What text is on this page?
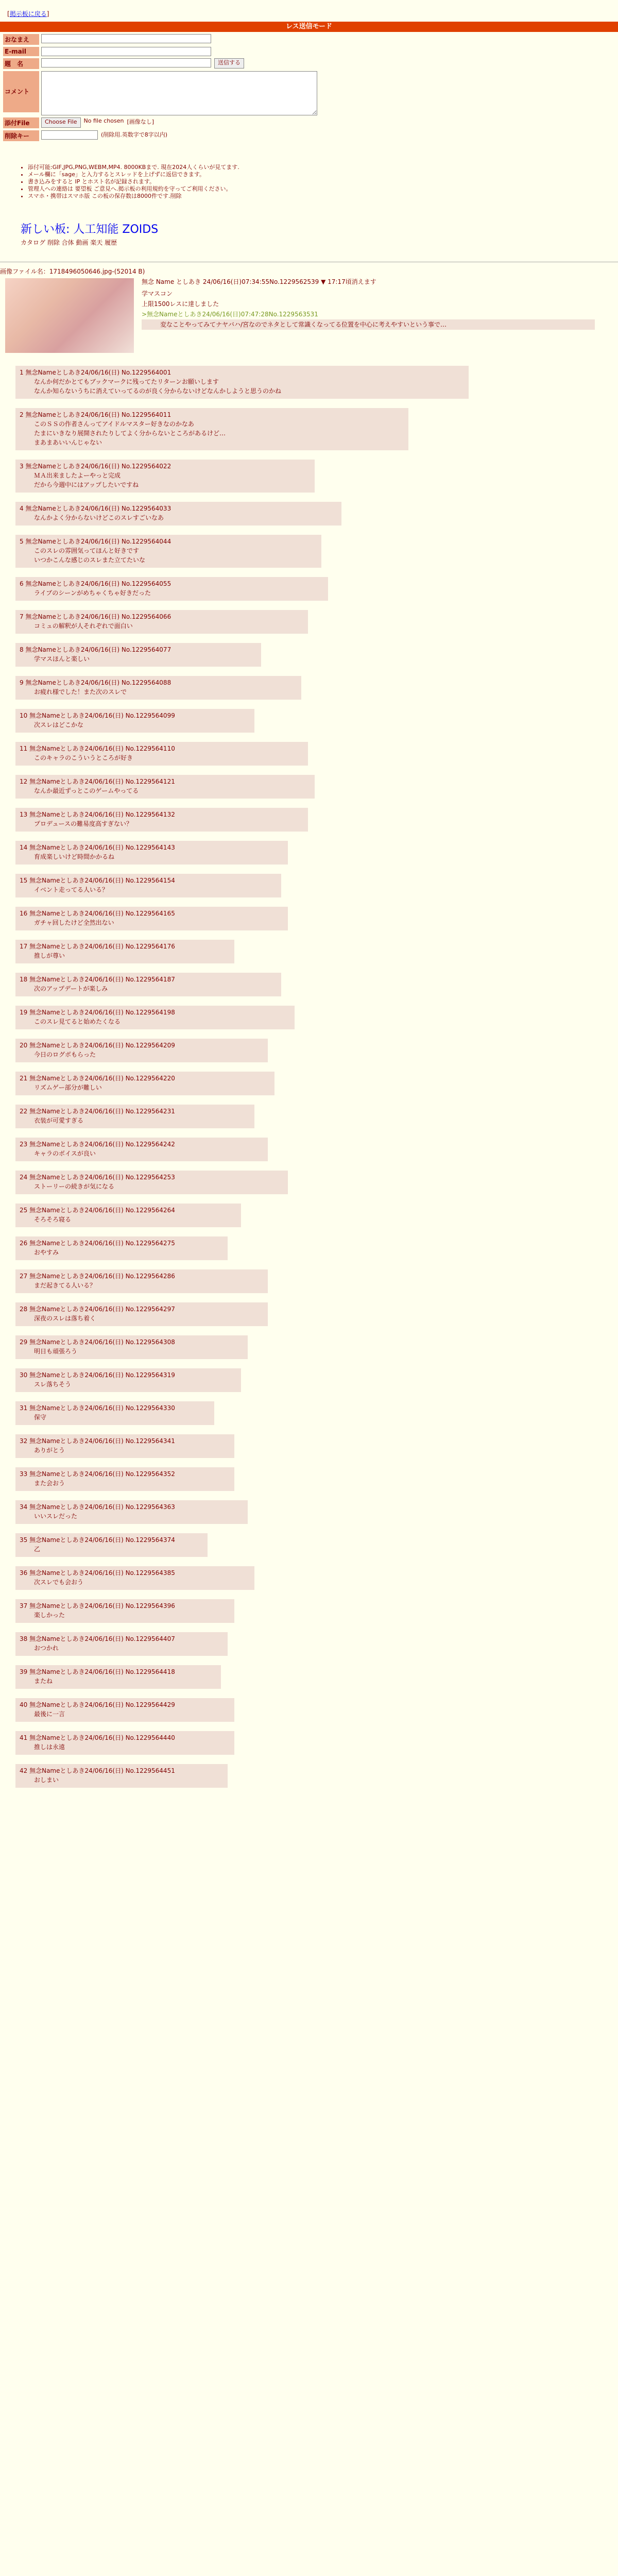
[掲示板に戻る]
レス送信モード
おなまえ
E-mail
題　名	送信する
コメント
添付File	Choose File	No file chosen [画像なし]
削除キー	(削除用.英数字で8字以内)
• 添付可能:GIF,JPG,PNG,WEBM,MP4. 8000KBまで. 現在2024人くらいが見てます.
• メール欄に「sage」と入力するとスレッドを上げずに返信できます。
• 書き込みをすると IP とホスト名が記録されます。
• 管理人への連絡は 要望板 ご意見へ.掲示板の利用規約を守ってご利用ください。
• スマホ・携帯はスマホ版 この板の保存数は8000件です.削除
新しい板: 人工知能 ZOIDS
カタログ 削除 合体 動画 楽天 履歴
画像ファイル名：1718496050646.jpg-(52014 B)
無念 Name としあき 24/06/16(日)07:34:55No.1229562539 ▼ 17:17頃消えます
学マスコン
上限1500レスに達しました
>無念Nameとしあき24/06/16(日)07:47:28No.1229563531
　　　変なことやってみてナヤバハ/宮なのでネタとして常識くなってる位置を中心に考えやすいという事で…
1 無念Nameとしあき24/06/16(日) No.1229564001
なんか何だかとてもブックマークに残ってたリターンお願いします
なんか知らないうちに消えていってるのが良く分からないけどなんかしようと思うのかね
2 無念Nameとしあき24/06/16(日) No.1229564011
このＳＳの作者さんってアイドルマスター好きなのかなあ
たまにいきなり展開されたりしてよく分からないところがあるけど…
まあまあいいんじゃない
3 無念Nameとしあき24/06/16(日) No.1229564022
ＭＡ出来ましたよーやっと完成
だから今週中にはアップしたいですね
4 無念Nameとしあき24/06/16(日) No.1229564033
なんかよく分からないけどこのスレすごいなあ
5 無念Nameとしあき24/06/16(日) No.1229564044
このスレの雰囲気ってほんと好きです
いつかこんな感じのスレまた立てたいな
6 無念Nameとしあき24/06/16(日) No.1229564055
ライブのシーンがめちゃくちゃ好きだった
7 無念Nameとしあき24/06/16(日) No.1229564066
コミュの解釈が人それぞれで面白い
8 無念Nameとしあき24/06/16(日) No.1229564077
学マスほんと楽しい
9 無念Nameとしあき24/06/16(日) No.1229564088
お疲れ様でした！また次のスレで
10 無念Nameとしあき24/06/16(日) No.1229564099
次スレはどこかな
11 無念Nameとしあき24/06/16(日) No.1229564110
このキャラのこういうところが好き
12 無念Nameとしあき24/06/16(日) No.1229564121
なんか最近ずっとこのゲームやってる
13 無念Nameとしあき24/06/16(日) No.1229564132
プロデュースの難易度高すぎない？
14 無念Nameとしあき24/06/16(日) No.1229564143
育成楽しいけど時間かかるね
15 無念Nameとしあき24/06/16(日) No.1229564154
イベント走ってる人いる？
16 無念Nameとしあき24/06/16(日) No.1229564165
ガチャ回したけど全然出ない
17 無念Nameとしあき24/06/16(日) No.1229564176
推しが尊い
18 無念Nameとしあき24/06/16(日) No.1229564187
次のアップデートが楽しみ
19 無念Nameとしあき24/06/16(日) No.1229564198
このスレ見てると始めたくなる
20 無念Nameとしあき24/06/16(日) No.1229564209
今日のログボもらった
21 無念Nameとしあき24/06/16(日) No.1229564220
リズムゲー部分が難しい
22 無念Nameとしあき24/06/16(日) No.1229564231
衣装が可愛すぎる
23 無念Nameとしあき24/06/16(日) No.1229564242
キャラのボイスが良い
24 無念Nameとしあき24/06/16(日) No.1229564253
ストーリーの続きが気になる
25 無念Nameとしあき24/06/16(日) No.1229564264
そろそろ寝る
26 無念Nameとしあき24/06/16(日) No.1229564275
おやすみ
27 無念Nameとしあき24/06/16(日) No.1229564286
まだ起きてる人いる？
28 無念Nameとしあき24/06/16(日) No.1229564297
深夜のスレは落ち着く
29 無念Nameとしあき24/06/16(日) No.1229564308
明日も頑張ろう
30 無念Nameとしあき24/06/16(日) No.1229564319
スレ落ちそう
31 無念Nameとしあき24/06/16(日) No.1229564330
保守
32 無念Nameとしあき24/06/16(日) No.1229564341
ありがとう
33 無念Nameとしあき24/06/16(日) No.1229564352
また会おう
34 無念Nameとしあき24/06/16(日) No.1229564363
いいスレだった
35 無念Nameとしあき24/06/16(日) No.1229564374
乙
36 無念Nameとしあき24/06/16(日) No.1229564385
次スレでも会おう
37 無念Nameとしあき24/06/16(日) No.1229564396
楽しかった
38 無念Nameとしあき24/06/16(日) No.1229564407
おつかれ
39 無念Nameとしあき24/06/16(日) No.1229564418
またね
40 無念Nameとしあき24/06/16(日) No.1229564429
最後に一言
41 無念Nameとしあき24/06/16(日) No.1229564440
推しは永遠
42 無念Nameとしあき24/06/16(日) No.1229564451
おしまい
